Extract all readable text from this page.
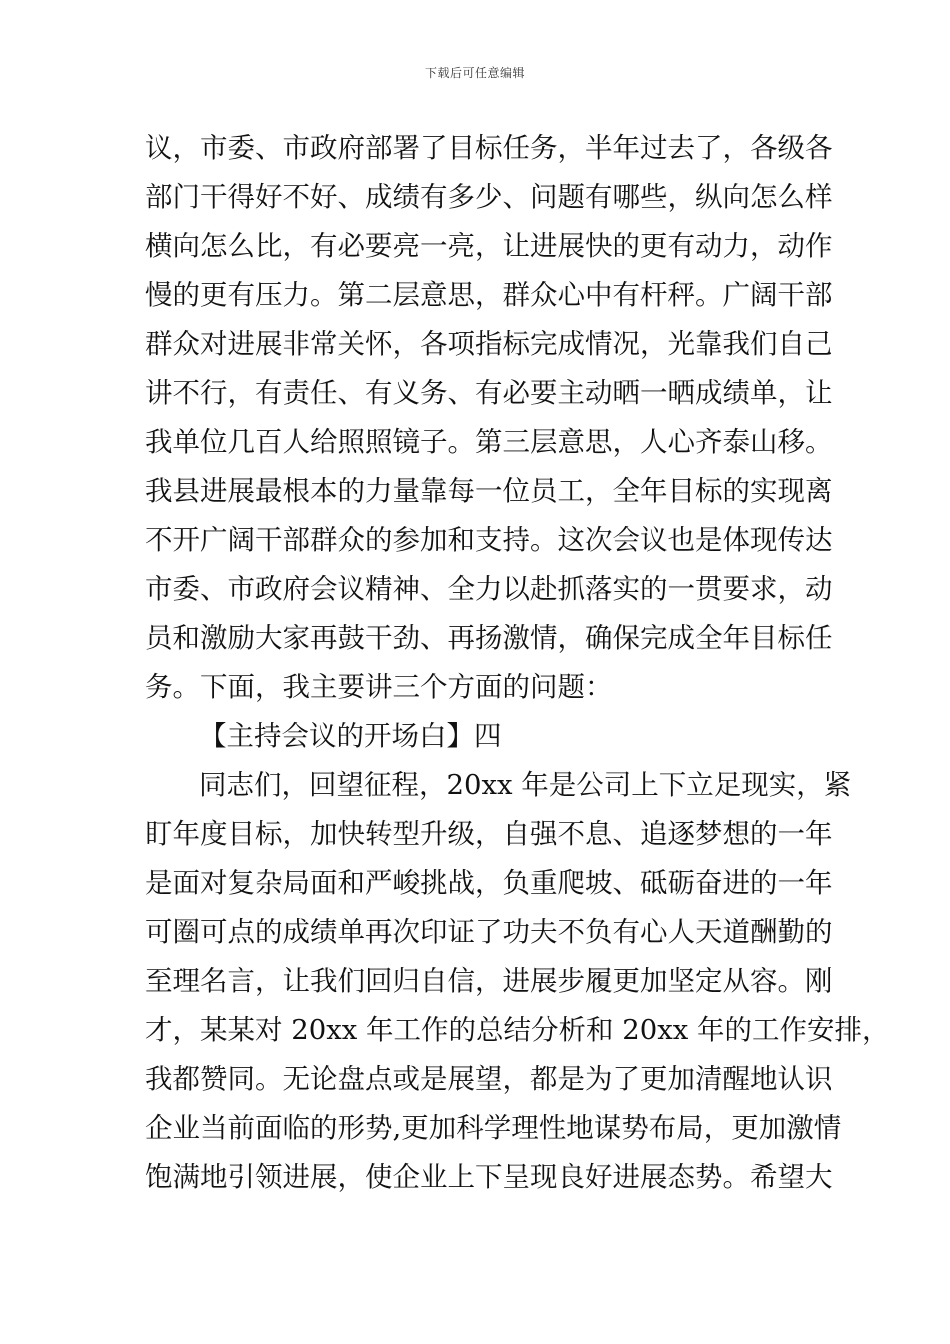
下载后可任意编辑
议，市委、市政府部署了目标任务，半年过去了，各级各
部门干得好不好、成绩有多少、问题有哪些，纵向怎么样
横向怎么比，有必要亮一亮，让进展快的更有动力，动作
慢的更有压力。第二层意思，群众心中有杆秤。广阔干部
群众对进展非常关怀，各项指标完成情况，光靠我们自己
讲不行，有责任、有义务、有必要主动晒一晒成绩单，让
我单位几百人给照照镜子。第三层意思，人心齐泰山移。
我县进展最根本的力量靠每一位员工，全年目标的实现离
不开广阔干部群众的参加和支持。这次会议也是体现传达
市委、市政府会议精神、全力以赴抓落实的一贯要求，动
员和激励大家再鼓干劲、再扬激情，确保完成全年目标任
务。下面，我主要讲三个方面的问题：
【主持会议的开场白】四
同志们，回望征程，20xx 年是公司上下立足现实，紧
盯年度目标，加快转型升级，自强不息、追逐梦想的一年
是面对复杂局面和严峻挑战，负重爬坡、砥砺奋进的一年
可圈可点的成绩单再次印证了功夫不负有心人天道酬勤的
至理名言，让我们回归自信，进展步履更加坚定从容。刚
才，某某对 20xx 年工作的总结分析和 20xx 年的工作安排，
我都赞同。无论盘点或是展望，都是为了更加清醒地认识
企业当前面临的形势,更加科学理性地谋势布局，更加激情
饱满地引领进展，使企业上下呈现良好进展态势。希望大
